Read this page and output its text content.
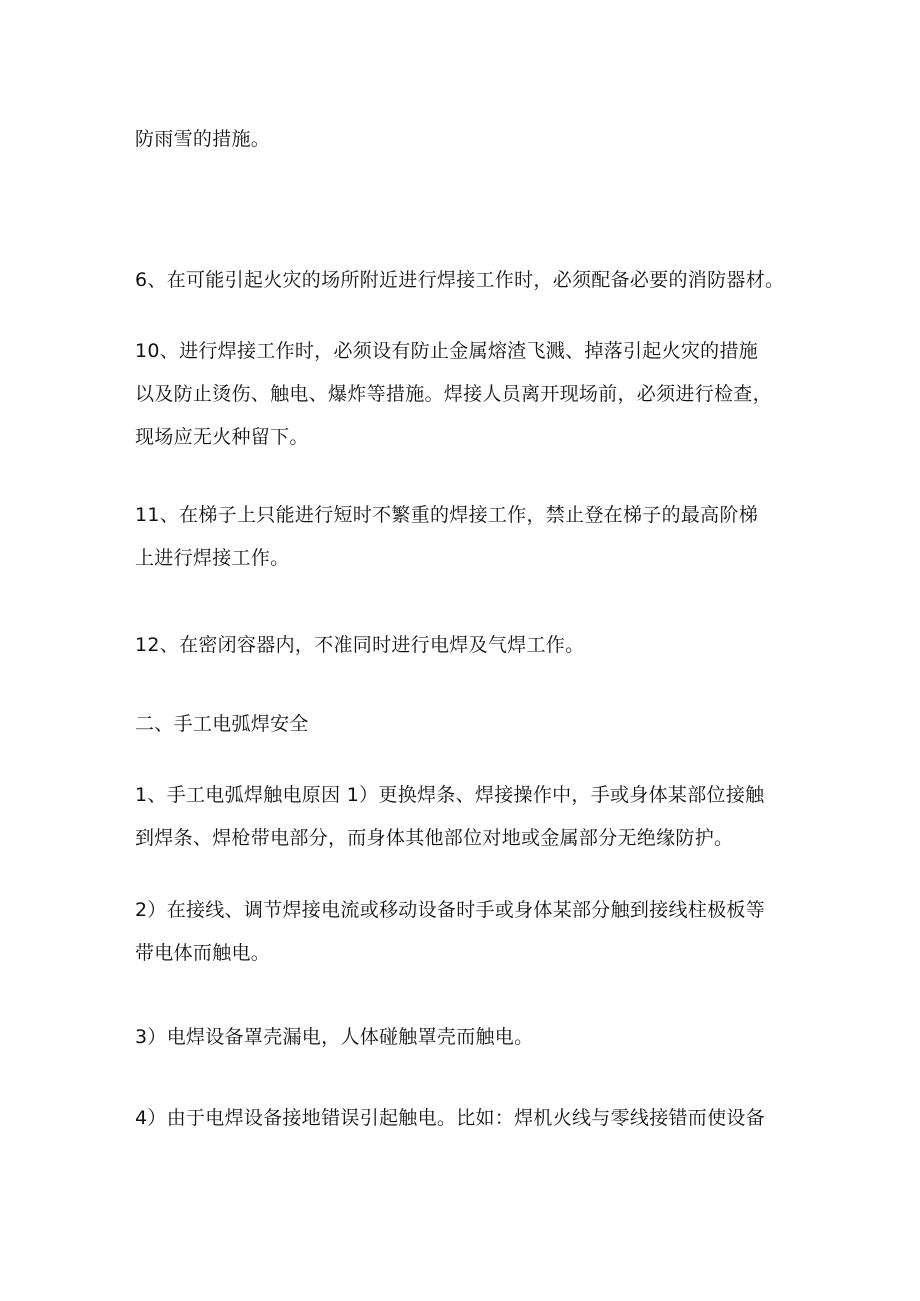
防雨雪的措施。

6、在可能引起火灾的场所附近进行焊接工作时，必须配备必要的消防器材。

10、进行焊接工作时，必须设有防止金属熔渣飞溅、掉落引起火灾的措施
以及防止烫伤、触电、爆炸等措施。焊接人员离开现场前，必须进行检查，
现场应无火种留下。

11、在梯子上只能进行短时不繁重的焊接工作，禁止登在梯子的最高阶梯
上进行焊接工作。

12、在密闭容器内，不准同时进行电焊及气焊工作。

二、手工电弧焊安全

1、手工电弧焊触电原因 1）更换焊条、焊接操作中，手或身体某部位接触
到焊条、焊枪带电部分，而身体其他部位对地或金属部分无绝缘防护。

2）在接线、调节焊接电流或移动设备时手或身体某部分触到接线柱极板等
带电体而触电。

3）电焊设备罩壳漏电，人体碰触罩壳而触电。

4）由于电焊设备接地错误引起触电。比如：焊机火线与零线接错而使设备
